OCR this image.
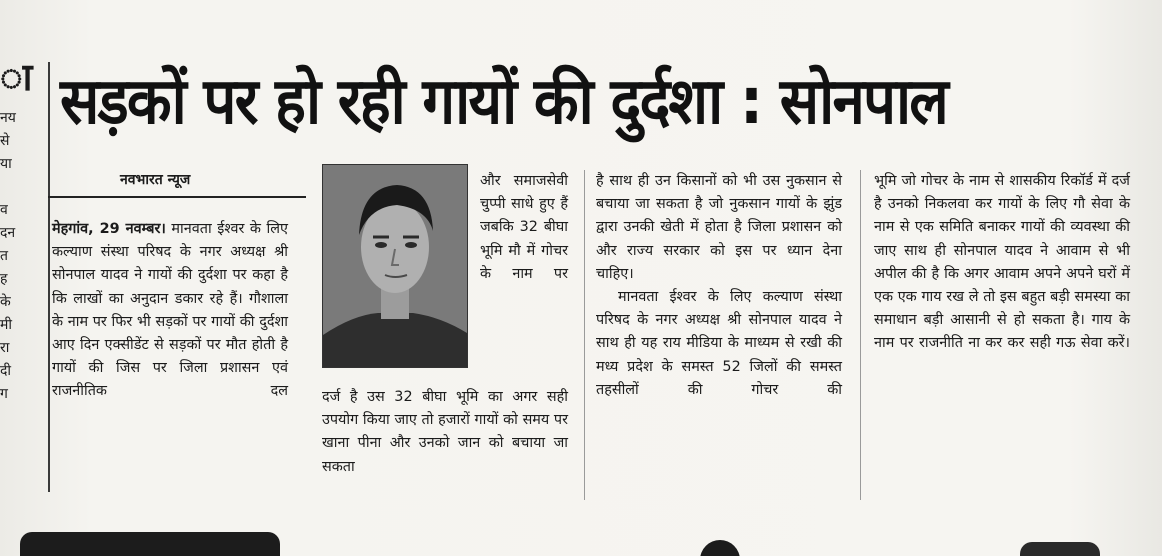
ा

नय

से

या

व

दन

त

ह

के

मी

रा

दी

ग

सड़कों पर हो रही गायों की दुर्दशा : सोनपाल

नवभारत न्यूज

मेहगांव, 29 नवम्बर। मानवता ईश्वर के लिए कल्याण संस्था परिषद के नगर अध्यक्ष श्री सोनपाल यादव ने गायों की दुर्दशा पर कहा है कि लाखों का अनुदान डकार रहे हैं। गौशाला के नाम पर फिर भी सड़कों पर गायों की दुर्दशा आए दिन एक्सीडेंट से सड़कों पर मौत होती है गायों की जिस पर जिला प्रशासन एवं राजनीतिक दल

और समाजसेवी चुप्पी साधे हुए हैं जबकि 32 बीघा भूमि मौ में गोचर के नाम पर

दर्ज है उस 32 बीघा भूमि का अगर सही उपयोग किया जाए तो हजारों गायों को समय पर खाना पीना और उनको जान को बचाया जा सकता

है साथ ही उन किसानों को भी उस नुकसान से बचाया जा सकता है जो नुकसान गायों के झुंड द्वारा उनकी खेती में होता है जिला प्रशासन को और राज्य सरकार को इस पर ध्यान देना चाहिए।

मानवता ईश्वर के लिए कल्याण संस्था परिषद के नगर अध्यक्ष श्री सोनपाल यादव ने साथ ही यह राय मीडिया के माध्यम से रखी की मध्य प्रदेश के समस्त 52 जिलों की समस्त तहसीलों की गोचर की

भूमि जो गोचर के नाम से शासकीय रिकॉर्ड में दर्ज है उनको निकलवा कर गायों के लिए गौ सेवा के नाम से एक समिति बनाकर गायों की व्यवस्था की जाए साथ ही सोनपाल यादव ने आवाम से भी अपील की है कि अगर आवाम अपने अपने घरों में एक एक गाय रख ले तो इस बहुत बड़ी समस्या का समाधान बड़ी आसानी से हो सकता है। गाय के नाम पर राजनीति ना कर कर सही गऊ सेवा करें।
